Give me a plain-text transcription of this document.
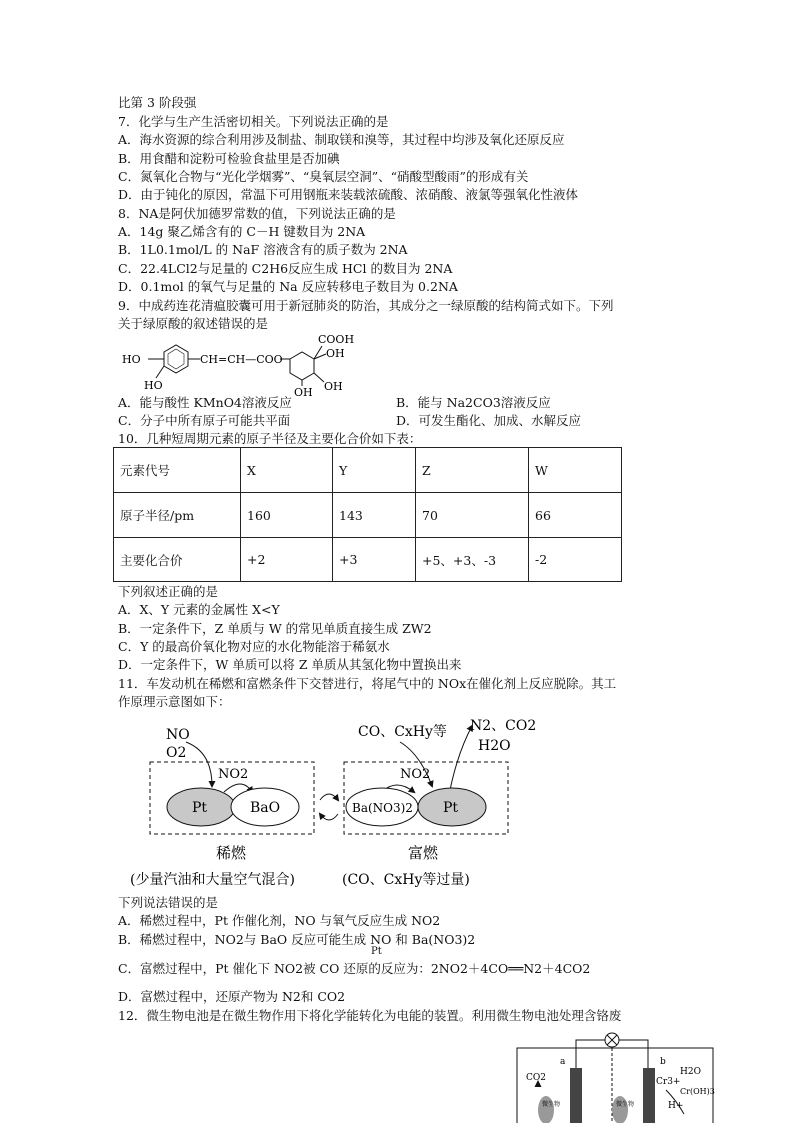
比第 3 阶段强
7．化学与生产生活密切相关。下列说法正确的是
A．海水资源的综合利用涉及制盐、制取镁和溴等，其过程中均涉及氧化还原反应
B．用食醋和淀粉可检验食盐里是否加碘
C．氮氧化合物与“光化学烟雾”、“臭氧层空洞”、“硝酸型酸雨”的形成有关
D．由于钝化的原因，常温下可用钢瓶来装载浓硫酸、浓硝酸、液氯等强氧化性液体
8．NA是阿伏加德罗常数的值，下列说法正确的是
A．14g 聚乙烯含有的 C－H 键数目为 2NA
B．1L0.1mol/L 的 NaF 溶液含有的质子数为 2NA
C．22.4LCl2与足量的 C2H6反应生成 HCl 的数目为 2NA
D．0.1mol 的氧气与足量的 Na 反应转移电子数目为 0.2NA
9．中成药连花清瘟胶囊可用于新冠肺炎的防治，其成分之一绿原酸的结构简式如下。下列
关于绿原酸的叙述错误的是
HO
HO
CH=CH—COO
COOH
OH
OH OH
A．能与酸性 KMnO4溶液反应	B．能与 Na2CO3溶液反应
C．分子中所有原子可能共平面	D．可发生酯化、加成、水解反应
10．几种短周期元素的原子半径及主要化合价如下表：
元素代号	X	Y	Z	W
原子半径/pm	160	143	70	66
主要化合价	+2	+3	+5、+3、-3	-2
下列叙述正确的是
A．X、Y 元素的金属性 X<Y
B．一定条件下，Z 单质与 W 的常见单质直接生成 ZW2
C．Y 的最高价氧化物对应的水化物能溶于稀氨水
D．一定条件下，W 单质可以将 Z 单质从其氢化物中置换出来
11．车发动机在稀燃和富燃条件下交替进行，将尾气中的 NOx在催化剂上反应脱除。其工
作原理示意图如下：
NO
O2
NO2
Pt	BaO
CO、CxHy等 N2、CO2
H2O
NO2
Ba(NO3)2 Pt
稀燃	富燃
(少量汽油和大量空气混合)	(CO、CxHy等过量)
下列说法错误的是
A．稀燃过程中，Pt 作催化剂，NO 与氧气反应生成 NO2
B．稀燃过程中，NO2与 BaO 反应可能生成 NO 和 Ba(NO3)2
Pt
C．富燃过程中，Pt 催化下 NO2被 CO 还原的反应为：2NO2＋4CO══N2＋4CO2
D．富燃过程中，还原产物为 N2和 CO2
12．微生物电池是在微生物作用下将化学能转化为电能的装置。利用微生物电池处理含铬废
a	b
CO2
微生物	微生物
H2O
Cr3+
Cr(OH)3
H+
